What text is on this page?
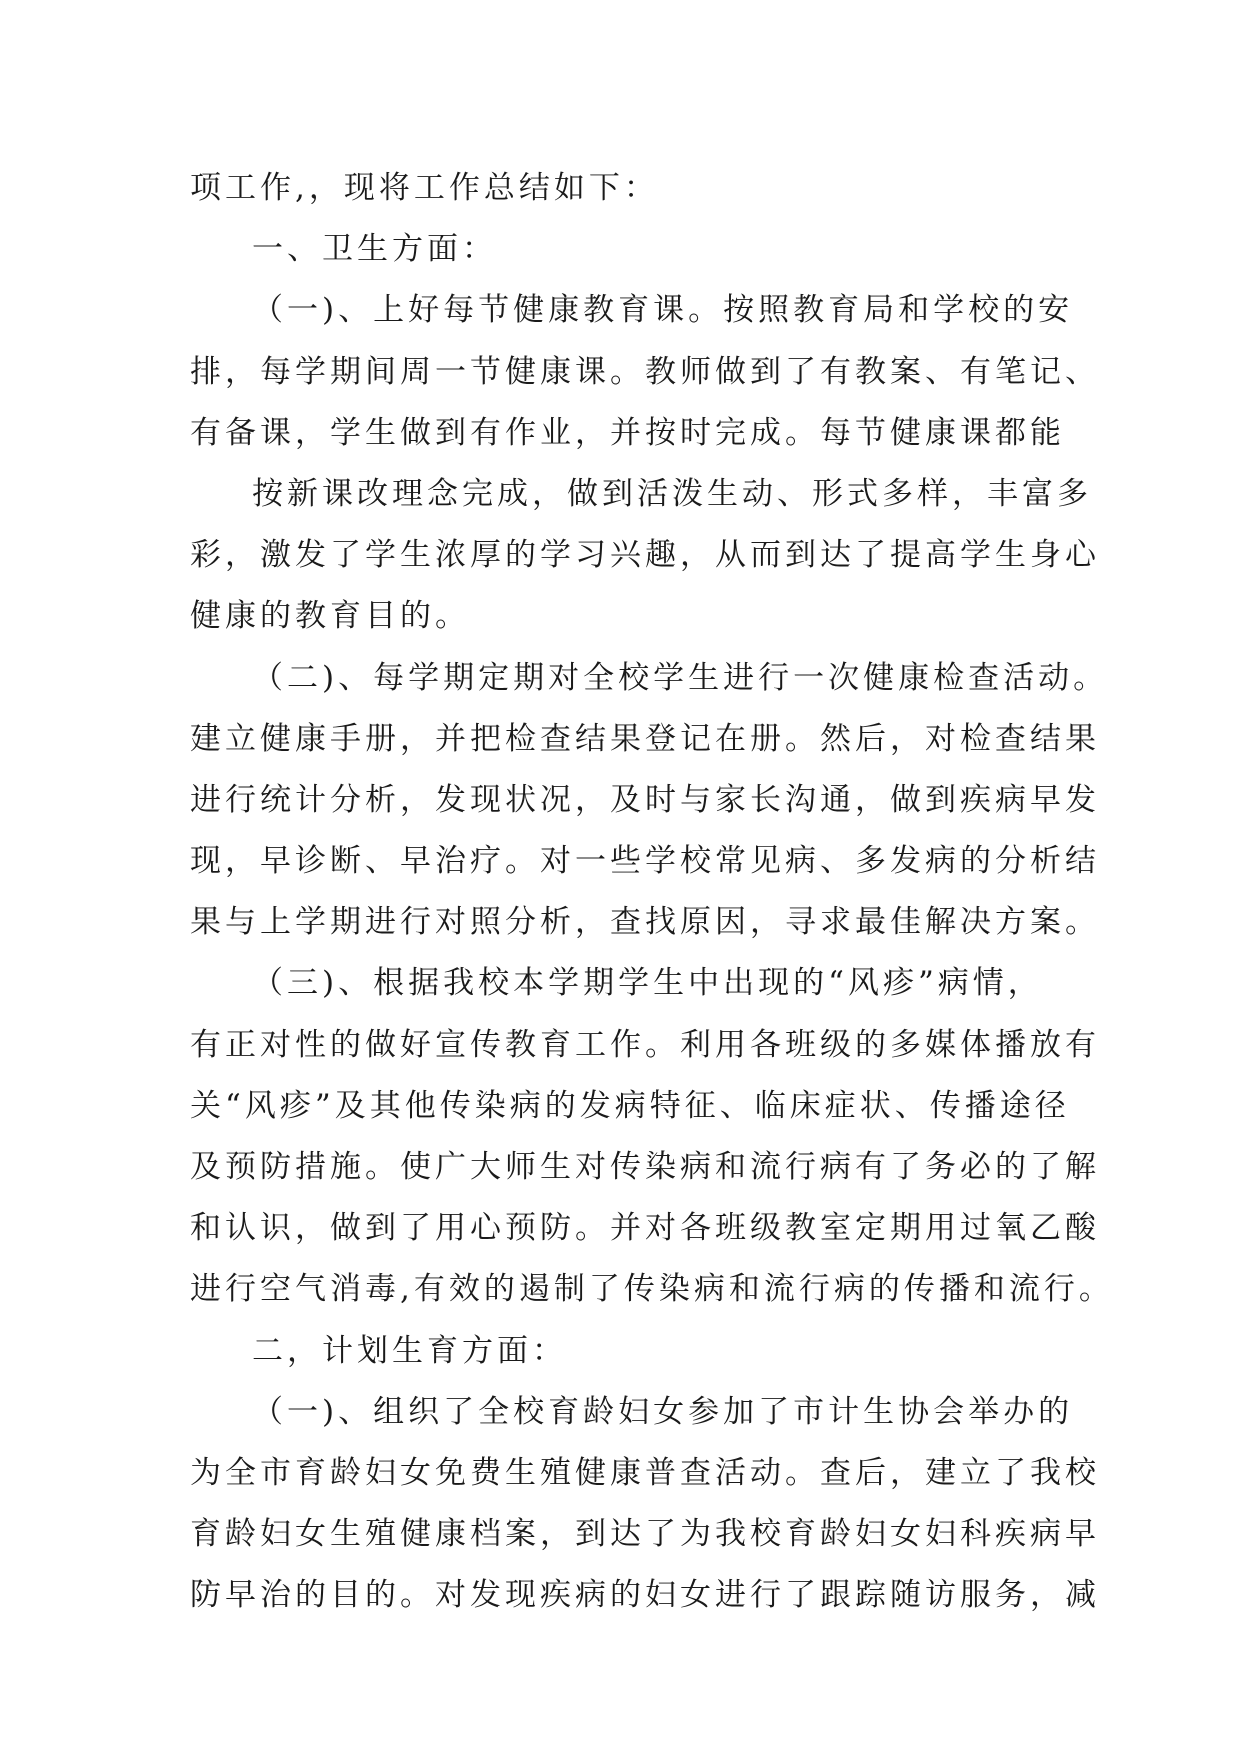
项工作,，现将工作总结如下：
一、卫生方面：
（一)、上好每节健康教育课。按照教育局和学校的安
排，每学期间周一节健康课。教师做到了有教案、有笔记、
有备课，学生做到有作业，并按时完成。每节健康课都能
按新课改理念完成，做到活泼生动、形式多样，丰富多
彩，激发了学生浓厚的学习兴趣，从而到达了提高学生身心
健康的教育目的。
（二)、每学期定期对全校学生进行一次健康检查活动。
建立健康手册，并把检查结果登记在册。然后，对检查结果
进行统计分析，发现状况，及时与家长沟通，做到疾病早发
现，早诊断、早治疗。对一些学校常见病、多发病的分析结
果与上学期进行对照分析，查找原因，寻求最佳解决方案。
（三)、根据我校本学期学生中出现的“风疹”病情，
有正对性的做好宣传教育工作。利用各班级的多媒体播放有
关“风疹”及其他传染病的发病特征、临床症状、传播途径
及预防措施。使广大师生对传染病和流行病有了务必的了解
和认识，做到了用心预防。并对各班级教室定期用过氧乙酸
进行空气消毒,有效的遏制了传染病和流行病的传播和流行。
二，计划生育方面：
（一)、组织了全校育龄妇女参加了市计生协会举办的
为全市育龄妇女免费生殖健康普查活动。查后，建立了我校
育龄妇女生殖健康档案，到达了为我校育龄妇女妇科疾病早
防早治的目的。对发现疾病的妇女进行了跟踪随访服务，减
